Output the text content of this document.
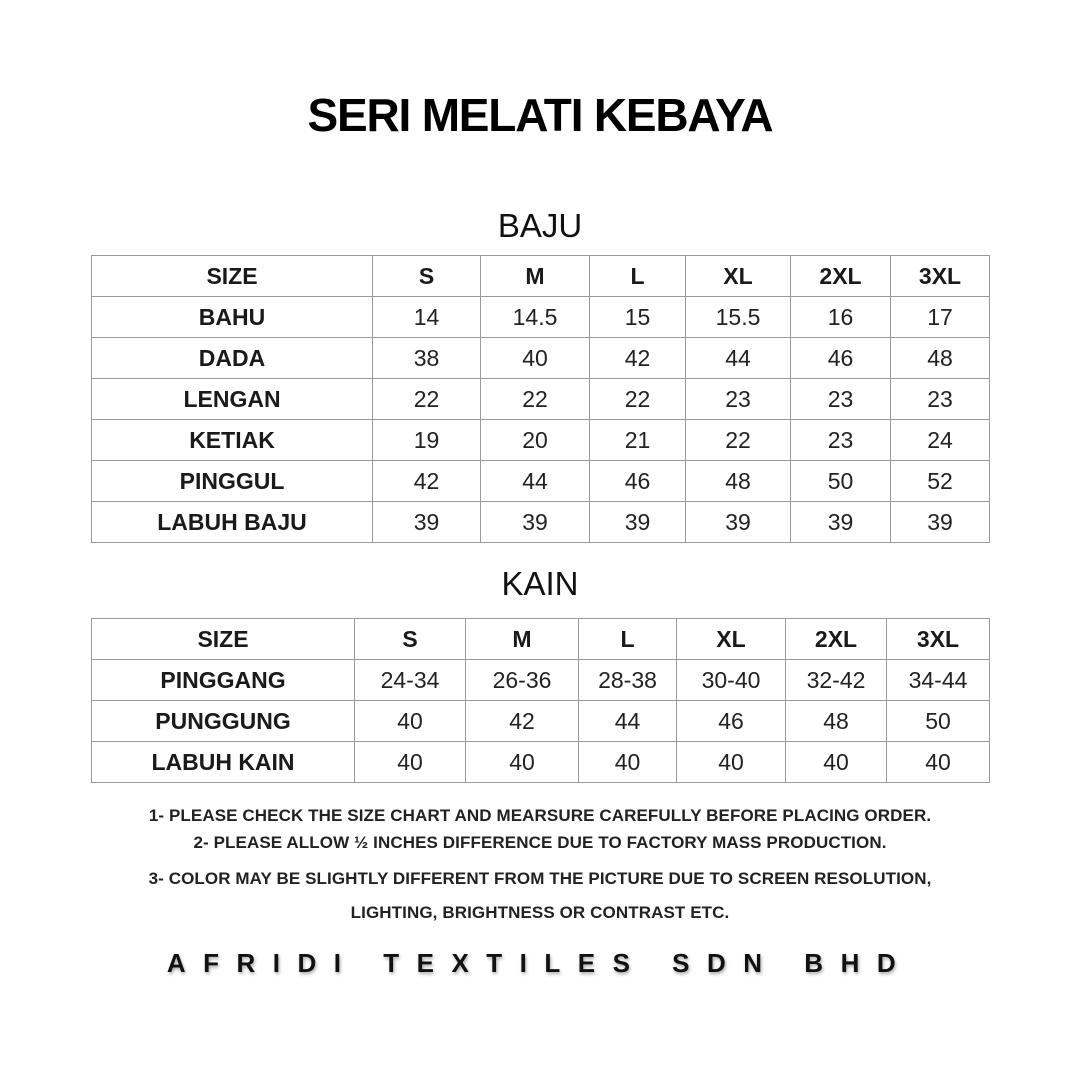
SERI MELATI KEBAYA
BAJU
SIZE	S	M	L	XL	2XL	3XL
BAHU	14	14.5	15	15.5	16	17
DADA	38	40	42	44	46	48
LENGAN	22	22	22	23	23	23
KETIAK	19	20	21	22	23	24
PINGGUL	42	44	46	48	50	52
LABUH BAJU	39	39	39	39	39	39
KAIN
SIZE	S	M	L	XL	2XL	3XL
PINGGANG	24-34	26-36	28-38	30-40	32-42	34-44
PUNGGUNG	40	42	44	46	48	50
LABUH KAIN	40	40	40	40	40	40
1- PLEASE CHECK THE SIZE CHART AND MEARSURE CAREFULLY BEFORE PLACING ORDER.
2- PLEASE ALLOW ½ INCHES DIFFERENCE DUE TO FACTORY MASS PRODUCTION.
3- COLOR MAY BE SLIGHTLY DIFFERENT FROM THE PICTURE DUE TO SCREEN RESOLUTION,
LIGHTING, BRIGHTNESS OR CONTRAST ETC.
AFRIDI TEXTILES SDN BHD
